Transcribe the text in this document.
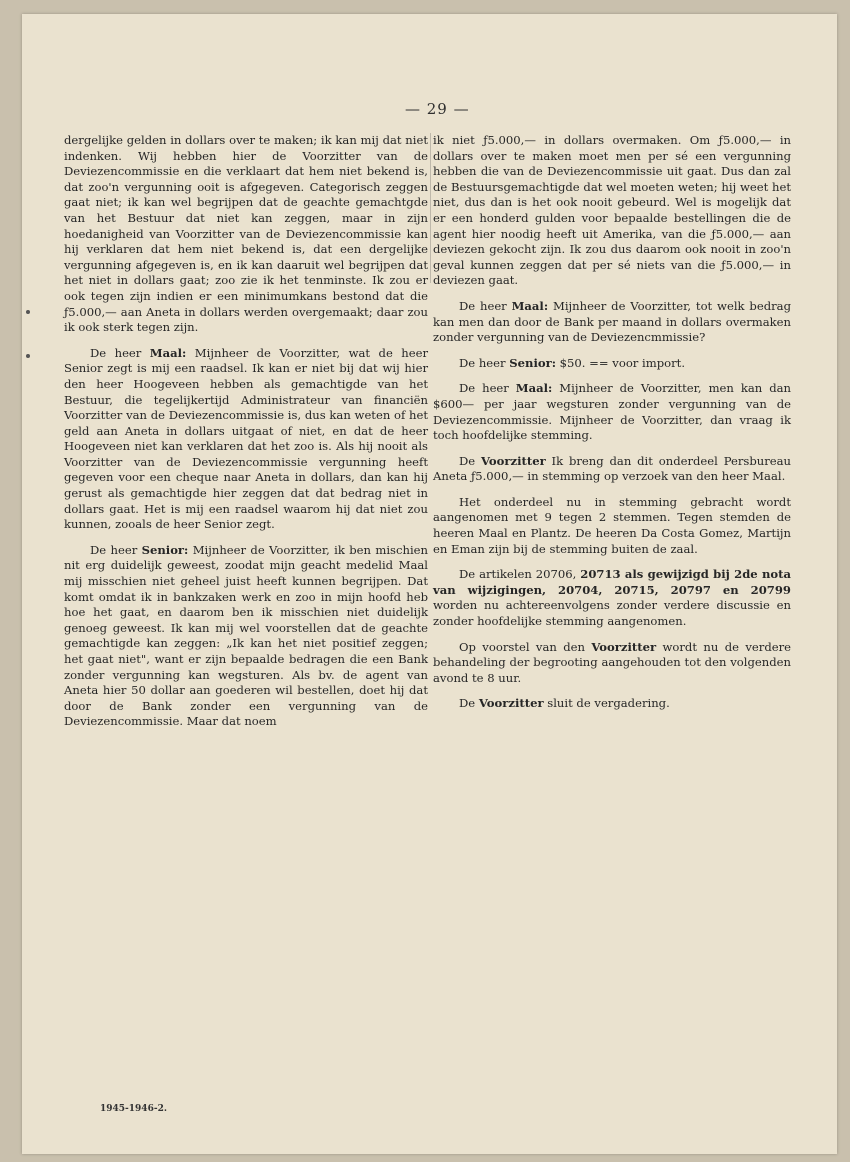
— 29 —

dergelijke gelden in dollars over te maken; ik kan mij dat niet indenken. Wij hebben hier de Voorzitter van de Deviezencommissie en die verklaart dat hem niet bekend is, dat zoo'n vergunning ooit is afgegeven. Categorisch zeggen gaat niet; ik kan wel begrijpen dat de geachte gemachtgde van het Bestuur dat niet kan zeggen, maar in zijn hoedanigheid van Voorzitter van de Deviezencommissie kan hij verklaren dat hem niet bekend is, dat een dergelijke vergunning afgegeven is, en ik kan daaruit wel begrijpen dat het niet in dollars gaat; zoo zie ik het tenminste. Ik zou er ook tegen zijn indien er een minimumkans bestond dat die ƒ5.000,— aan Aneta in dollars werden overgemaakt; daar zou ik ook sterk tegen zijn.

De heer Maal: Mijnheer de Voorzitter, wat de heer Senior zegt is mij een raadsel. Ik kan er niet bij dat wij hier den heer Hoogeveen hebben als gemachtigde van het Bestuur, die tegelijkertijd Administrateur van financiën Voorzitter van de Deviezencommissie is, dus kan weten of het geld aan Aneta in dollars uitgaat of niet, en dat de heer Hoogeveen niet kan verklaren dat het zoo is. Als hij nooit als Voorzitter van de Deviezencommissie vergunning heeft gegeven voor een cheque naar Aneta in dollars, dan kan hij gerust als gemachtigde hier zeggen dat dat bedrag niet in dollars gaat. Het is mij een raadsel waarom hij dat niet zou kunnen, zooals de heer Senior zegt.

De heer Senior: Mijnheer de Voorzitter, ik ben mischien nit erg duidelijk geweest, zoodat mijn geacht medelid Maal mij misschien niet geheel juist heeft kunnen begrijpen. Dat komt omdat ik in bankzaken werk en zoo in mijn hoofd heb hoe het gaat, en daarom ben ik misschien niet duidelijk genoeg geweest. Ik kan mij wel voorstellen dat de geachte gemachtigde kan zeggen: „Ik kan het niet positief zeggen; het gaat niet", want er zijn bepaalde bedragen die een Bank zonder vergunning kan wegsturen. Als bv. de agent van Aneta hier 50 dollar aan goederen wil bestellen, doet hij dat door de Bank zonder een vergunning van de Deviezencommissie. Maar dat noem

ik niet ƒ5.000,— in dollars overmaken. Om ƒ5.000,— in dollars over te maken moet men per sé een vergunning hebben die van de Deviezencommissie uit gaat. Dus dan zal de Bestuursgemachtigde dat wel moeten weten; hij weet het niet, dus dan is het ook nooit gebeurd. Wel is mogelijk dat er een honderd gulden voor bepaalde bestellingen die de agent hier noodig heeft uit Amerika, van die ƒ5.000,— aan deviezen gekocht zijn. Ik zou dus daarom ook nooit in zoo'n geval kunnen zeggen dat per sé niets van die ƒ5.000,— in deviezen gaat.

De heer Maal: Mijnheer de Voorzitter, tot welk bedrag kan men dan door de Bank per maand in dollars overmaken zonder vergunning van de Deviezencmmissie?

De heer Senior: $50. == voor import.

De heer Maal: Mijnheer de Voorzitter, men kan dan $600— per jaar wegsturen zonder vergunning van de Deviezencommissie. Mijnheer de Voorzitter, dan vraag ik toch hoofdelijke stemming.

De Voorzitter Ik breng dan dit onderdeel Persbureau Aneta ƒ5.000,— in stemming op verzoek van den heer Maal.

Het onderdeel nu in stemming gebracht wordt aangenomen met 9 tegen 2 stemmen. Tegen stemden de heeren Maal en Plantz. De heeren Da Costa Gomez, Martijn en Eman zijn bij de stemming buiten de zaal.

De artikelen 20706, 20713 als gewijzigd bij 2de nota van wijzigingen, 20704, 20715, 20797 en 20799 worden nu achtereenvolgens zonder verdere discussie en zonder hoofdelijke stemming aangenomen.

Op voorstel van den Voorzitter wordt nu de verdere behandeling der begrooting aangehouden tot den volgenden avond te 8 uur.

De Voorzitter sluit de vergadering.

1945-1946-2.
